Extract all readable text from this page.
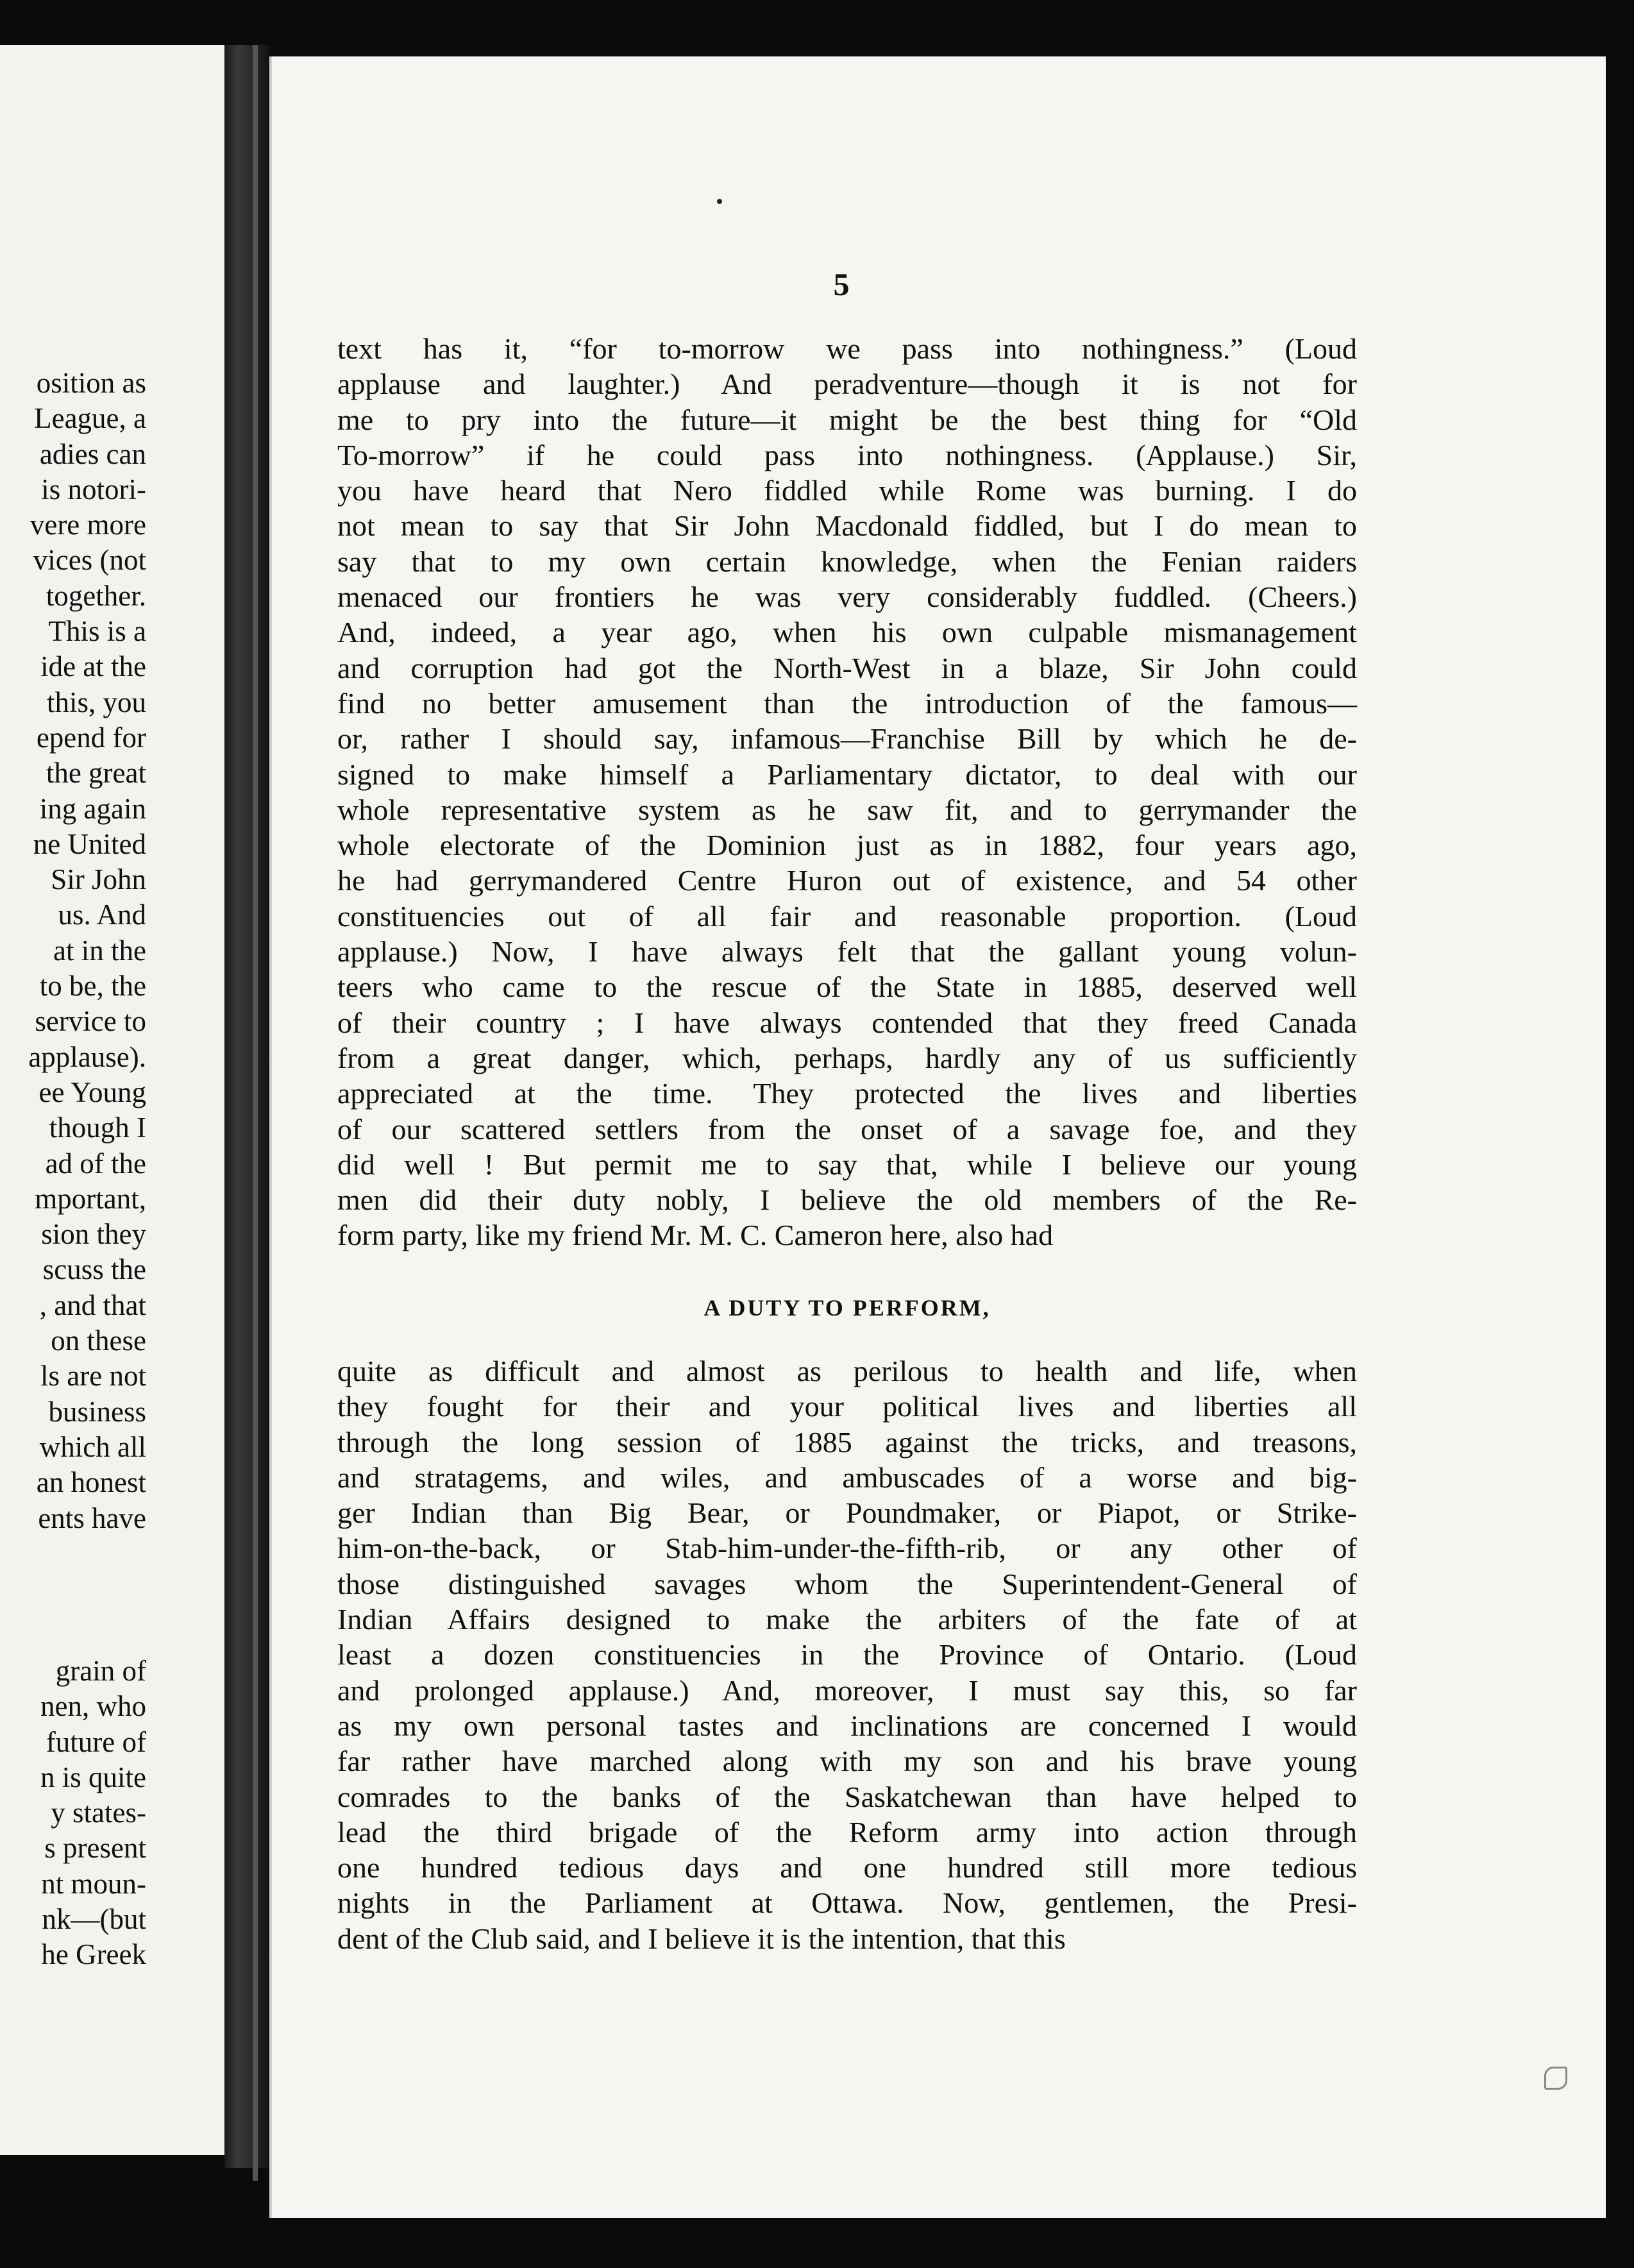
osition as
League, a
adies can
is notori-
vere more
vices (not
together.
This is a
ide at the
this, you
epend for
the great
ing again
ne United
Sir John
us. And
at in the
to be, the
service to
applause).
ee Young
though I
ad of the
mportant,
sion they
scuss the
, and that
on these
ls are not
business
which all
an honest
ents have
grain of
nen, who
future of
n is quite
y states-
s present
nt moun-
nk—(but
he Greek
5
text has it, “for to-morrow we pass into nothingness.” (Loud
applause and laughter.) And peradventure—though it is not for
me to pry into the future—it might be the best thing for “Old
To-morrow” if he could pass into nothingness. (Applause.) Sir,
you have heard that Nero fiddled while Rome was burning. I do
not mean to say that Sir John Macdonald fiddled, but I do mean to
say that to my own certain knowledge, when the Fenian raiders
menaced our frontiers he was very considerably fuddled. (Cheers.)
And, indeed, a year ago, when his own culpable mismanagement
and corruption had got the North-West in a blaze, Sir John could
find no better amusement than the introduction of the famous—
or, rather I should say, infamous—Franchise Bill by which he de-
signed to make himself a Parliamentary dictator, to deal with our
whole representative system as he saw fit, and to gerrymander the
whole electorate of the Dominion just as in 1882, four years ago,
he had gerrymandered Centre Huron out of existence, and 54 other
constituencies out of all fair and reasonable proportion. (Loud
applause.) Now, I have always felt that the gallant young volun-
teers who came to the rescue of the State in 1885, deserved well
of their country ; I have always contended that they freed Canada
from a great danger, which, perhaps, hardly any of us sufficiently
appreciated at the time. They protected the lives and liberties
of our scattered settlers from the onset of a savage foe, and they
did well ! But permit me to say that, while I believe our young
men did their duty nobly, I believe the old members of the Re-
form party, like my friend Mr. M. C. Cameron here, also had
A DUTY TO PERFORM,
quite as difficult and almost as perilous to health and life, when
they fought for their and your political lives and liberties all
through the long session of 1885 against the tricks, and treasons,
and stratagems, and wiles, and ambuscades of a worse and big-
ger Indian than Big Bear, or Poundmaker, or Piapot, or Strike-
him-on-the-back, or Stab-him-under-the-fifth-rib, or any other of
those distinguished savages whom the Superintendent-General of
Indian Affairs designed to make the arbiters of the fate of at
least a dozen constituencies in the Province of Ontario. (Loud
and prolonged applause.) And, moreover, I must say this, so far
as my own personal tastes and inclinations are concerned I would
far rather have marched along with my son and his brave young
comrades to the banks of the Saskatchewan than have helped to
lead the third brigade of the Reform army into action through
one hundred tedious days and one hundred still more tedious
nights in the Parliament at Ottawa. Now, gentlemen, the Presi-
dent of the Club said, and I believe it is the intention, that this
